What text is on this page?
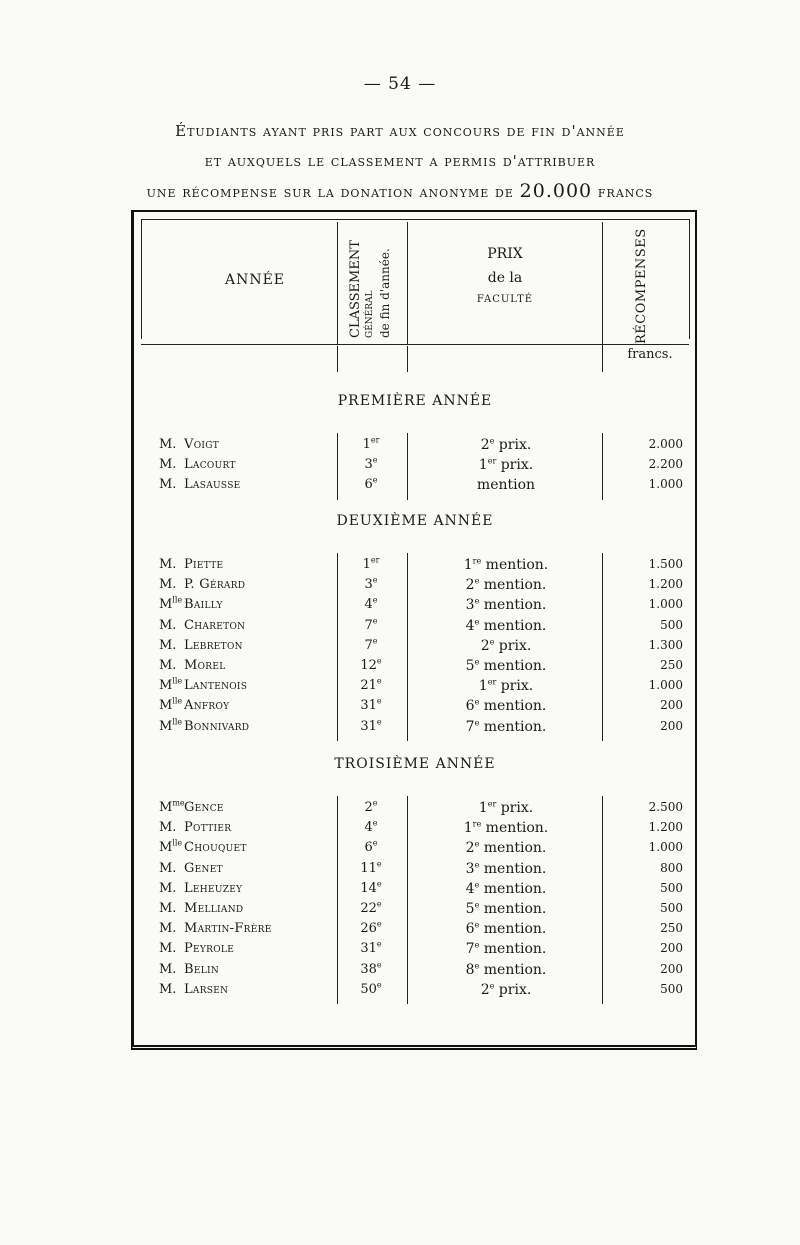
— 54 —
Étudiants ayant pris part aux concours de fin d'année
et auxquels le classement a permis d'attribuer
une récompense sur la donation anonyme de 20.000 francs
ANNÉE	CLASSEMENT GÉNÉRAL de fin d'année.	PRIX
de la
FACULTÉ	RÉCOMPENSES
francs.
PREMIÈRE ANNÉE
M. Voigt	1er	2e prix.	2.000
M. Lacourt	3e	1er prix.	2.200
M. Lasausse	6e	mention	1.000
DEUXIÈME ANNÉE
M. Piette	1er	1re mention.	1.500
M. P. Gérard	3e	2e mention.	1.200
$M^{lle}$ Bailly	4e	3e mention.	1.000
M. Chareton	7e	4e mention.	500
M. Lebreton	7e	2e prix.	1.300
M. Morel	12e	5e mention.	250
$M^{lle}$ Lantenois	21e	1er prix.	1.000
$M^{lle}$ Anfroy	31e	6e mention.	200
$M^{lle}$ Bonnivard	31e	7e mention.	200
TROISIÈME ANNÉE
$M^{me}Gence$	2e	1er prix.	2.500
M. Pottier	4e	1re mention.	1.200
$M^{lle}$ Chouquet	6e	2e mention.	1.000
M. Genet	11e	3e mention.	800
M. Leheuzey	14e	4e mention.	500
M. Melliand	22e	5e mention.	500
M. Martin-Frère	26e	6e mention.	250
M. Peyrole	31e	7e mention.	200
M. Belin	38e	8e mention.	200
M. Larsen	50e	2e prix.	500
